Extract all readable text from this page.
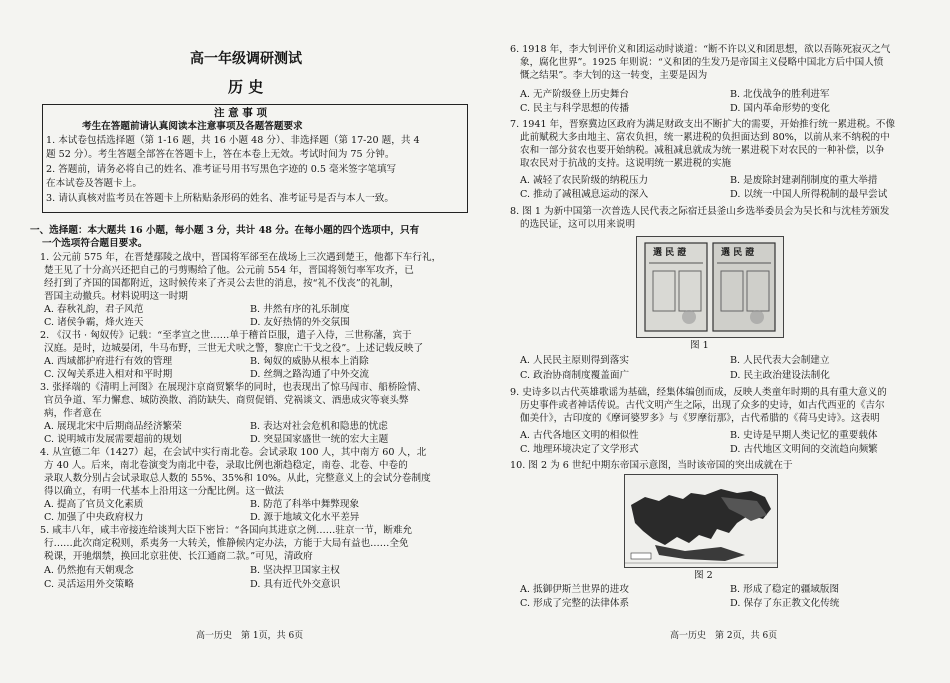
高一年级调研测试
历 史
注 意 事 项
考生在答题前请认真阅读本注意事项及各题答题要求
1. 本试卷包括选择题（第 1-16 题，共 16 小题 48 分）、非选择题（第 17-20 题，共 4
题 52 分）。考生答题全部答在答题卡上，答在本卷上无效。考试时间为 75 分钟。
2. 答题前，请务必将自己的姓名、准考证号用书写黑色字迹的 0.5 毫米签字笔填写
在本试卷及答题卡上。
3. 请认真核对监考员在答题卡上所粘贴条形码的姓名、准考证号是否与本人一致。
一、选择题：本大题共 16 小题，每小题 3 分，共计 48 分。在每小题的四个选项中，只有
一个选项符合题目要求。
1. 公元前 575 年，在晋楚鄢陵之战中，晋国将军郤至在战场上三次遇到楚王，他都下车行礼，
楚王见了十分高兴还把自己的弓剪赐给了他。公元前 554 年，晋国将领匄率军攻齐，已
经打到了齐国的国都附近，这时候传来了齐灵公去世的消息，按“礼不伐丧”的礼制，
晋国主动撤兵。材料说明这一时期
A. 春秋礼韵，君子风范	B. 井然有序的礼乐制度
C. 诸侯争霸，烽火连天	D. 友好热情的外交氛围
2. 《汉书 · 匈奴传》记载：“至孝宣之世……单于稽首臣服，遣子入侍，三世称藩，宾于
汉庭。是时，边城晏闭，牛马布野，三世无犬吠之警，黎庶亡干戈之役”。上述记载反映了
A. 西域都护府进行有效的管理	B. 匈奴的威胁从根本上消除
C. 汉匈关系进入相对和平时期	D. 丝绸之路沟通了中外交流
3. 张择端的《清明上河图》在展现汴京商贸繁华的同时，也表现出了惊马闯市、船桥险情、
官员争道、军力懈怠、城防涣散、消防缺失、商贸促销、党祸谈文、酒患成灾等衰头弊
病，作者意在
A. 展现北宋中后期商品经济繁荣	B. 表达对社会危机和隐患的忧虑
C. 说明城市发展需要超前的规划	D. 突显国家盛世一统的宏大主题
4. 从宣德二年（1427）起，在会试中实行南北卷。会试录取 100 人，其中南方 60 人，北
方 40 人。后来，南北卷演变为南北中卷，录取比例也渐趋稳定，南卷、北卷、中卷的
录取人数分别占会试录取总人数的 55%、35%和 10%。从此，完整意义上的会试分卷制度
得以确立，有明一代基本上沿用这一分配比例。这一做法
A. 提高了官员文化素质	B. 防范了科举中舞弊现象
C. 加强了中央政府权力	D. 源于地域文化水平差异
5. 咸丰八年，咸丰帝接连给谈判大臣下密旨：“各国向其进京之例……驻京一节，断难允
行……此次商定税则，系夷务一大转关，惟静候内定办法，方能于大局有益也……全免
税课，开驰烟禁，换回北京驻使、长江通商二款。”可见，清政府
A. 仍然抱有天朝观念	B. 坚决捍卫国家主权
C. 灵活运用外交策略	D. 具有近代外交意识
高一历史　第 1页，共 6页
6. 1918 年，李大钊评价义和团运动时谈道：“断不许以义和团思想，欲以吾陈死寂灭之气
象，腐化世界”。1925 年则说：“义和团的生发乃是帝国主义侵略中国北方后中国人愤
慨之结果”。李大钊的这一转变，主要是因为
A. 无产阶级登上历史舞台	B. 北伐战争的胜利进军
C. 民主与科学思想的传播	D. 国内革命形势的变化
7. 1941 年，晋察冀边区政府为满足财政支出不断扩大的需要，开始推行统一累进税。不像
此前赋税大多由地主、富农负担，统一累进税的负担面达到 80%，以前从来不纳税的中
农和一部分贫农也要开始纳税。减租减息就成为统一累进税下对农民的一种补偿，以争
取农民对于抗战的支持。这说明统一累进税的实施
A. 减轻了农民阶级的纳税压力	B. 是废除封建剥削制度的重大举措
C. 推动了减租减息运动的深入	D. 以统一中国人所得税制的最早尝试
8. 图 1 为新中国第一次普选人民代表之际宿迁县釜山乡选举委员会为吴长和与沈桂芳颁发
的选民证，这可以用来说明
選 民 證	選 民 證
图 1
A. 人民民主原则得到落实	B. 人民代表大会制建立
C. 政治协商制度覆盖面广	D. 民主政治建设法制化
9. 史诗多以古代英雄歌谣为基础，经集体编创而成，反映人类童年时期的具有重大意义的
历史事件或者神话传说。古代文明产生之际，出现了众多的史诗，如古代西亚的《吉尔
伽美什》，古印度的《摩诃婆罗多》与《罗摩衍那》，古代希腊的《荷马史诗》。这表明
A. 古代各地区文明的相似性	B. 史诗是早期人类记忆的重要载体
C. 地理环境决定了文学形式	D. 古代地区文明间的交流趋向频繁
10. 图 2 为 6 世纪中期东帝国示意图，当时该帝国的突出成就在于
图 2
A. 抵御伊斯兰世界的进攻	B. 形成了稳定的疆域版图
C. 形成了完整的法律体系	D. 保存了东正教文化传统
高一历史　第 2页，共 6页
